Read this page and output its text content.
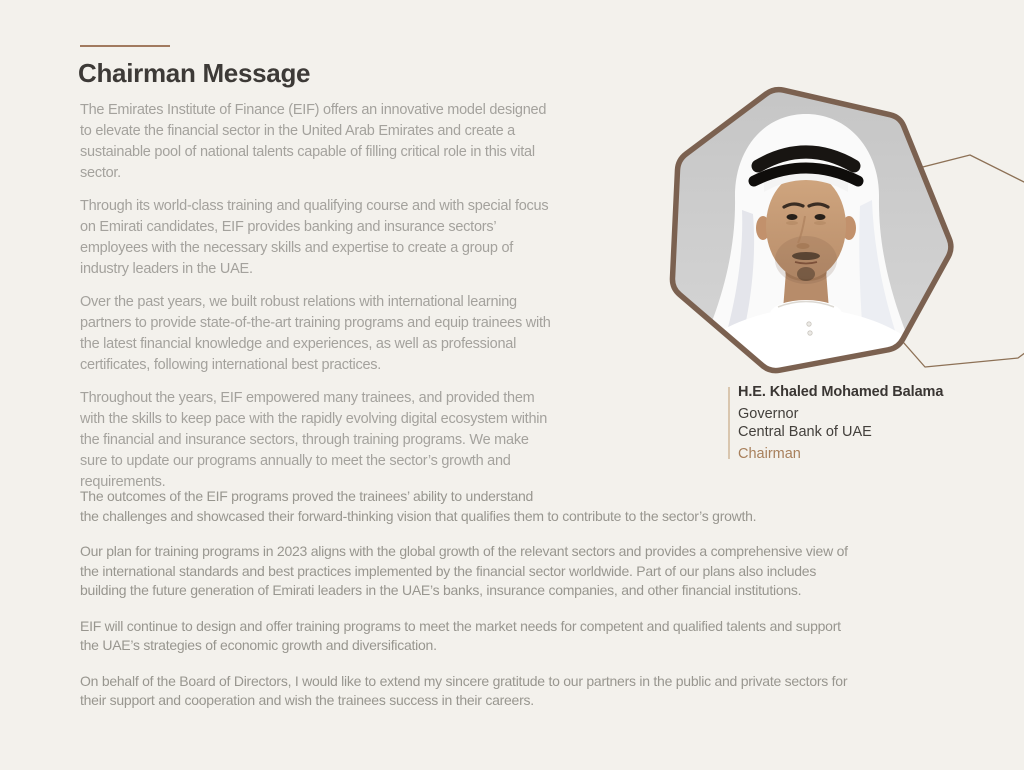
Chairman Message

The Emirates Institute of Finance (EIF) offers an innovative model designed
to elevate the financial sector in the United Arab Emirates and create a
sustainable pool of national talents capable of filling critical role in this vital
sector.

Through its world-class training and qualifying course and with special focus
on Emirati candidates, EIF provides banking and insurance sectors’
employees with the necessary skills and expertise to create a group of
industry leaders in the UAE.

Over the past years, we built robust relations with international learning
partners to provide state-of-the-art training programs and equip trainees with
the latest financial knowledge and experiences, as well as professional
certificates, following international best practices.

Throughout the years, EIF empowered many trainees, and provided them
with the skills to keep pace with the rapidly evolving digital ecosystem within
the financial and insurance sectors, through training programs. We make
sure to update our programs annually to meet the sector’s growth and
requirements.

The outcomes of the EIF programs proved the trainees’ ability to understand
the challenges and showcased their forward-thinking vision that qualifies them to contribute to the sector’s growth.

Our plan for training programs in 2023 aligns with the global growth of the relevant sectors and provides a comprehensive view of
the international standards and best practices implemented by the financial sector worldwide. Part of our plans also includes
building the future generation of Emirati leaders in the UAE’s banks, insurance companies, and other financial institutions.

EIF will continue to design and offer training programs to meet the market needs for competent and qualified talents and support
the UAE’s strategies of economic growth and diversification.

On behalf of the Board of Directors, I would like to extend my sincere gratitude to our partners in the public and private sectors for
their support and cooperation and wish the trainees success in their careers.

H.E. Khaled Mohamed Balama

Governor
Central Bank of UAE

Chairman
